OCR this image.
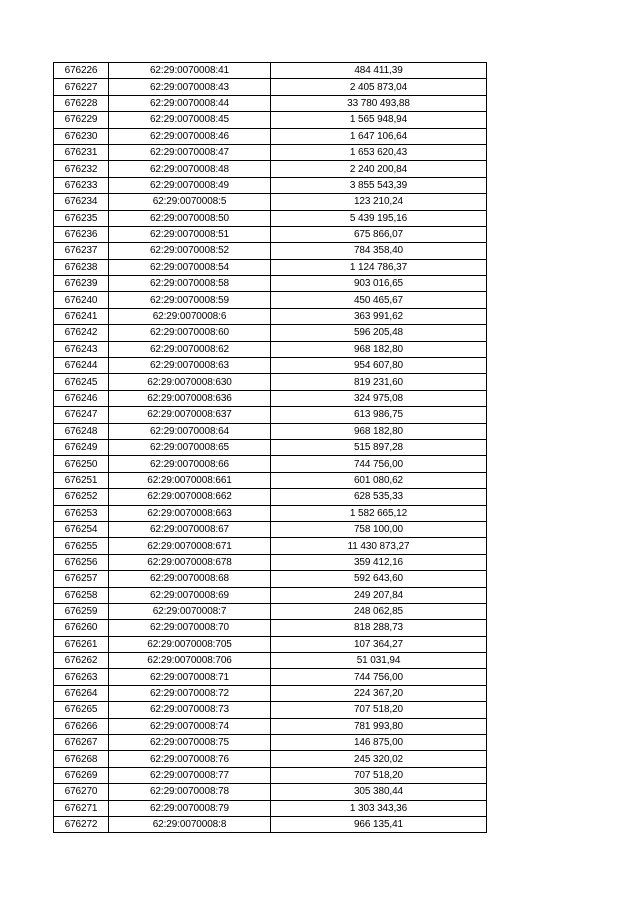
676226	62:29:0070008:41	484 411,39
676227	62:29:0070008:43	2 405 873,04
676228	62:29:0070008:44	33 780 493,88
676229	62:29:0070008:45	1 565 948,94
676230	62:29:0070008:46	1 647 106,64
676231	62:29:0070008:47	1 653 620,43
676232	62:29:0070008:48	2 240 200,84
676233	62:29:0070008:49	3 855 543,39
676234	62:29:0070008:5	123 210,24
676235	62:29:0070008:50	5 439 195,16
676236	62:29:0070008:51	675 866,07
676237	62:29:0070008:52	784 358,40
676238	62:29:0070008:54	1 124 786,37
676239	62:29:0070008:58	903 016,65
676240	62:29:0070008:59	450 465,67
676241	62:29:0070008:6	363 991,62
676242	62:29:0070008:60	596 205,48
676243	62:29:0070008:62	968 182,80
676244	62:29:0070008:63	954 607,80
676245	62:29:0070008:630	819 231,60
676246	62:29:0070008:636	324 975,08
676247	62:29:0070008:637	613 986,75
676248	62:29:0070008:64	968 182,80
676249	62:29:0070008:65	515 897,28
676250	62:29:0070008:66	744 756,00
676251	62:29:0070008:661	601 080,62
676252	62:29:0070008:662	628 535,33
676253	62:29:0070008:663	1 582 665,12
676254	62:29:0070008:67	758 100,00
676255	62:29:0070008:671	11 430 873,27
676256	62:29:0070008:678	359 412,16
676257	62:29:0070008:68	592 643,60
676258	62:29:0070008:69	249 207,84
676259	62:29:0070008:7	248 062,85
676260	62:29:0070008:70	818 288,73
676261	62:29:0070008:705	107 364,27
676262	62:29:0070008:706	51 031,94
676263	62:29:0070008:71	744 756,00
676264	62:29:0070008:72	224 367,20
676265	62:29:0070008:73	707 518,20
676266	62:29:0070008:74	781 993,80
676267	62:29:0070008:75	146 875,00
676268	62:29:0070008:76	245 320,02
676269	62:29:0070008:77	707 518,20
676270	62:29:0070008:78	305 380,44
676271	62:29:0070008:79	1 303 343,36
676272	62:29:0070008:8	966 135,41
